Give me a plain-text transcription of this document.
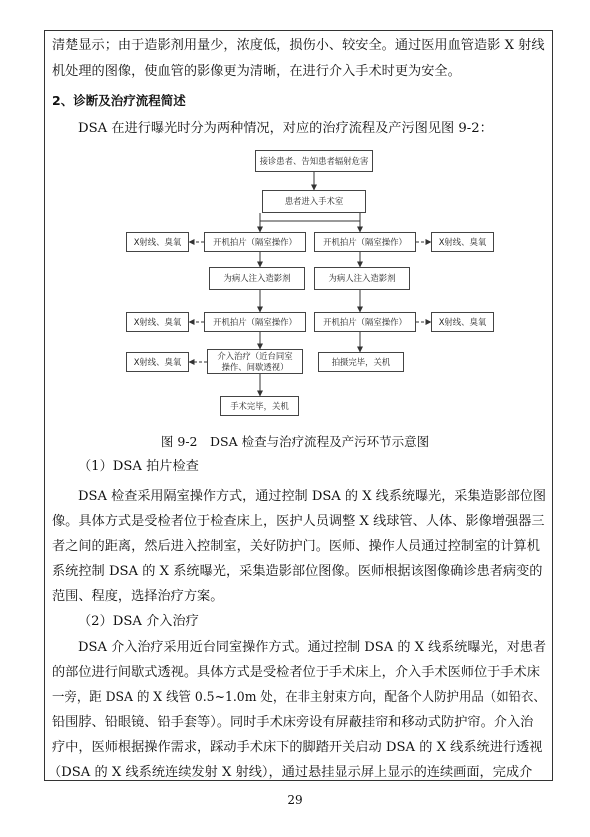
清楚显示；由于造影剂用量少，浓度低，损伤小、较安全。通过医用血管造影 X 射线
机处理的图像，使血管的影像更为清晰，在进行介入手术时更为安全。
2、诊断及治疗流程简述
DSA 在进行曝光时分为两种情况，对应的治疗流程及产污图见图 9-2：
接诊患者、告知患者辐射危害
患者进入手术室
开机拍片（隔室操作）	开机拍片（隔室操作）
X射线、臭氧	X射线、臭氧
为病人注入造影剂	为病人注入造影剂
开机拍片（隔室操作）	开机拍片（隔室操作）
X射线、臭氧	X射线、臭氧
介入治疗（近台同室
操作、间歇透视）
X射线、臭氧	拍摄完毕，关机
手术完毕，关机
图 9-2　DSA 检查与治疗流程及产污环节示意图
（1）DSA 拍片检查
DSA 检查采用隔室操作方式，通过控制 DSA 的 X 线系统曝光，采集造影部位图
像。具体方式是受检者位于检查床上，医护人员调整 X 线球管、人体、影像增强器三
者之间的距离，然后进入控制室，关好防护门。医师、操作人员通过控制室的计算机
系统控制 DSA 的 X 系统曝光，采集造影部位图像。医师根据该图像确诊患者病变的
范围、程度，选择治疗方案。
（2）DSA 介入治疗
DSA 介入治疗采用近台同室操作方式。通过控制 DSA 的 X 线系统曝光，对患者
的部位进行间歇式透视。具体方式是受检者位于手术床上，介入手术医师位于手术床
一旁，距 DSA 的 X 线管 0.5~1.0m 处，在非主射束方向，配备个人防护用品（如铅衣、
铅围脖、铅眼镜、铅手套等）。同时手术床旁设有屏蔽挂帘和移动式防护帘。介入治
疗中，医师根据操作需求，踩动手术床下的脚踏开关启动 DSA 的 X 线系统进行透视
（DSA 的 X 线系统连续发射 X 射线），通过悬挂显示屏上显示的连续画面，完成介
29
